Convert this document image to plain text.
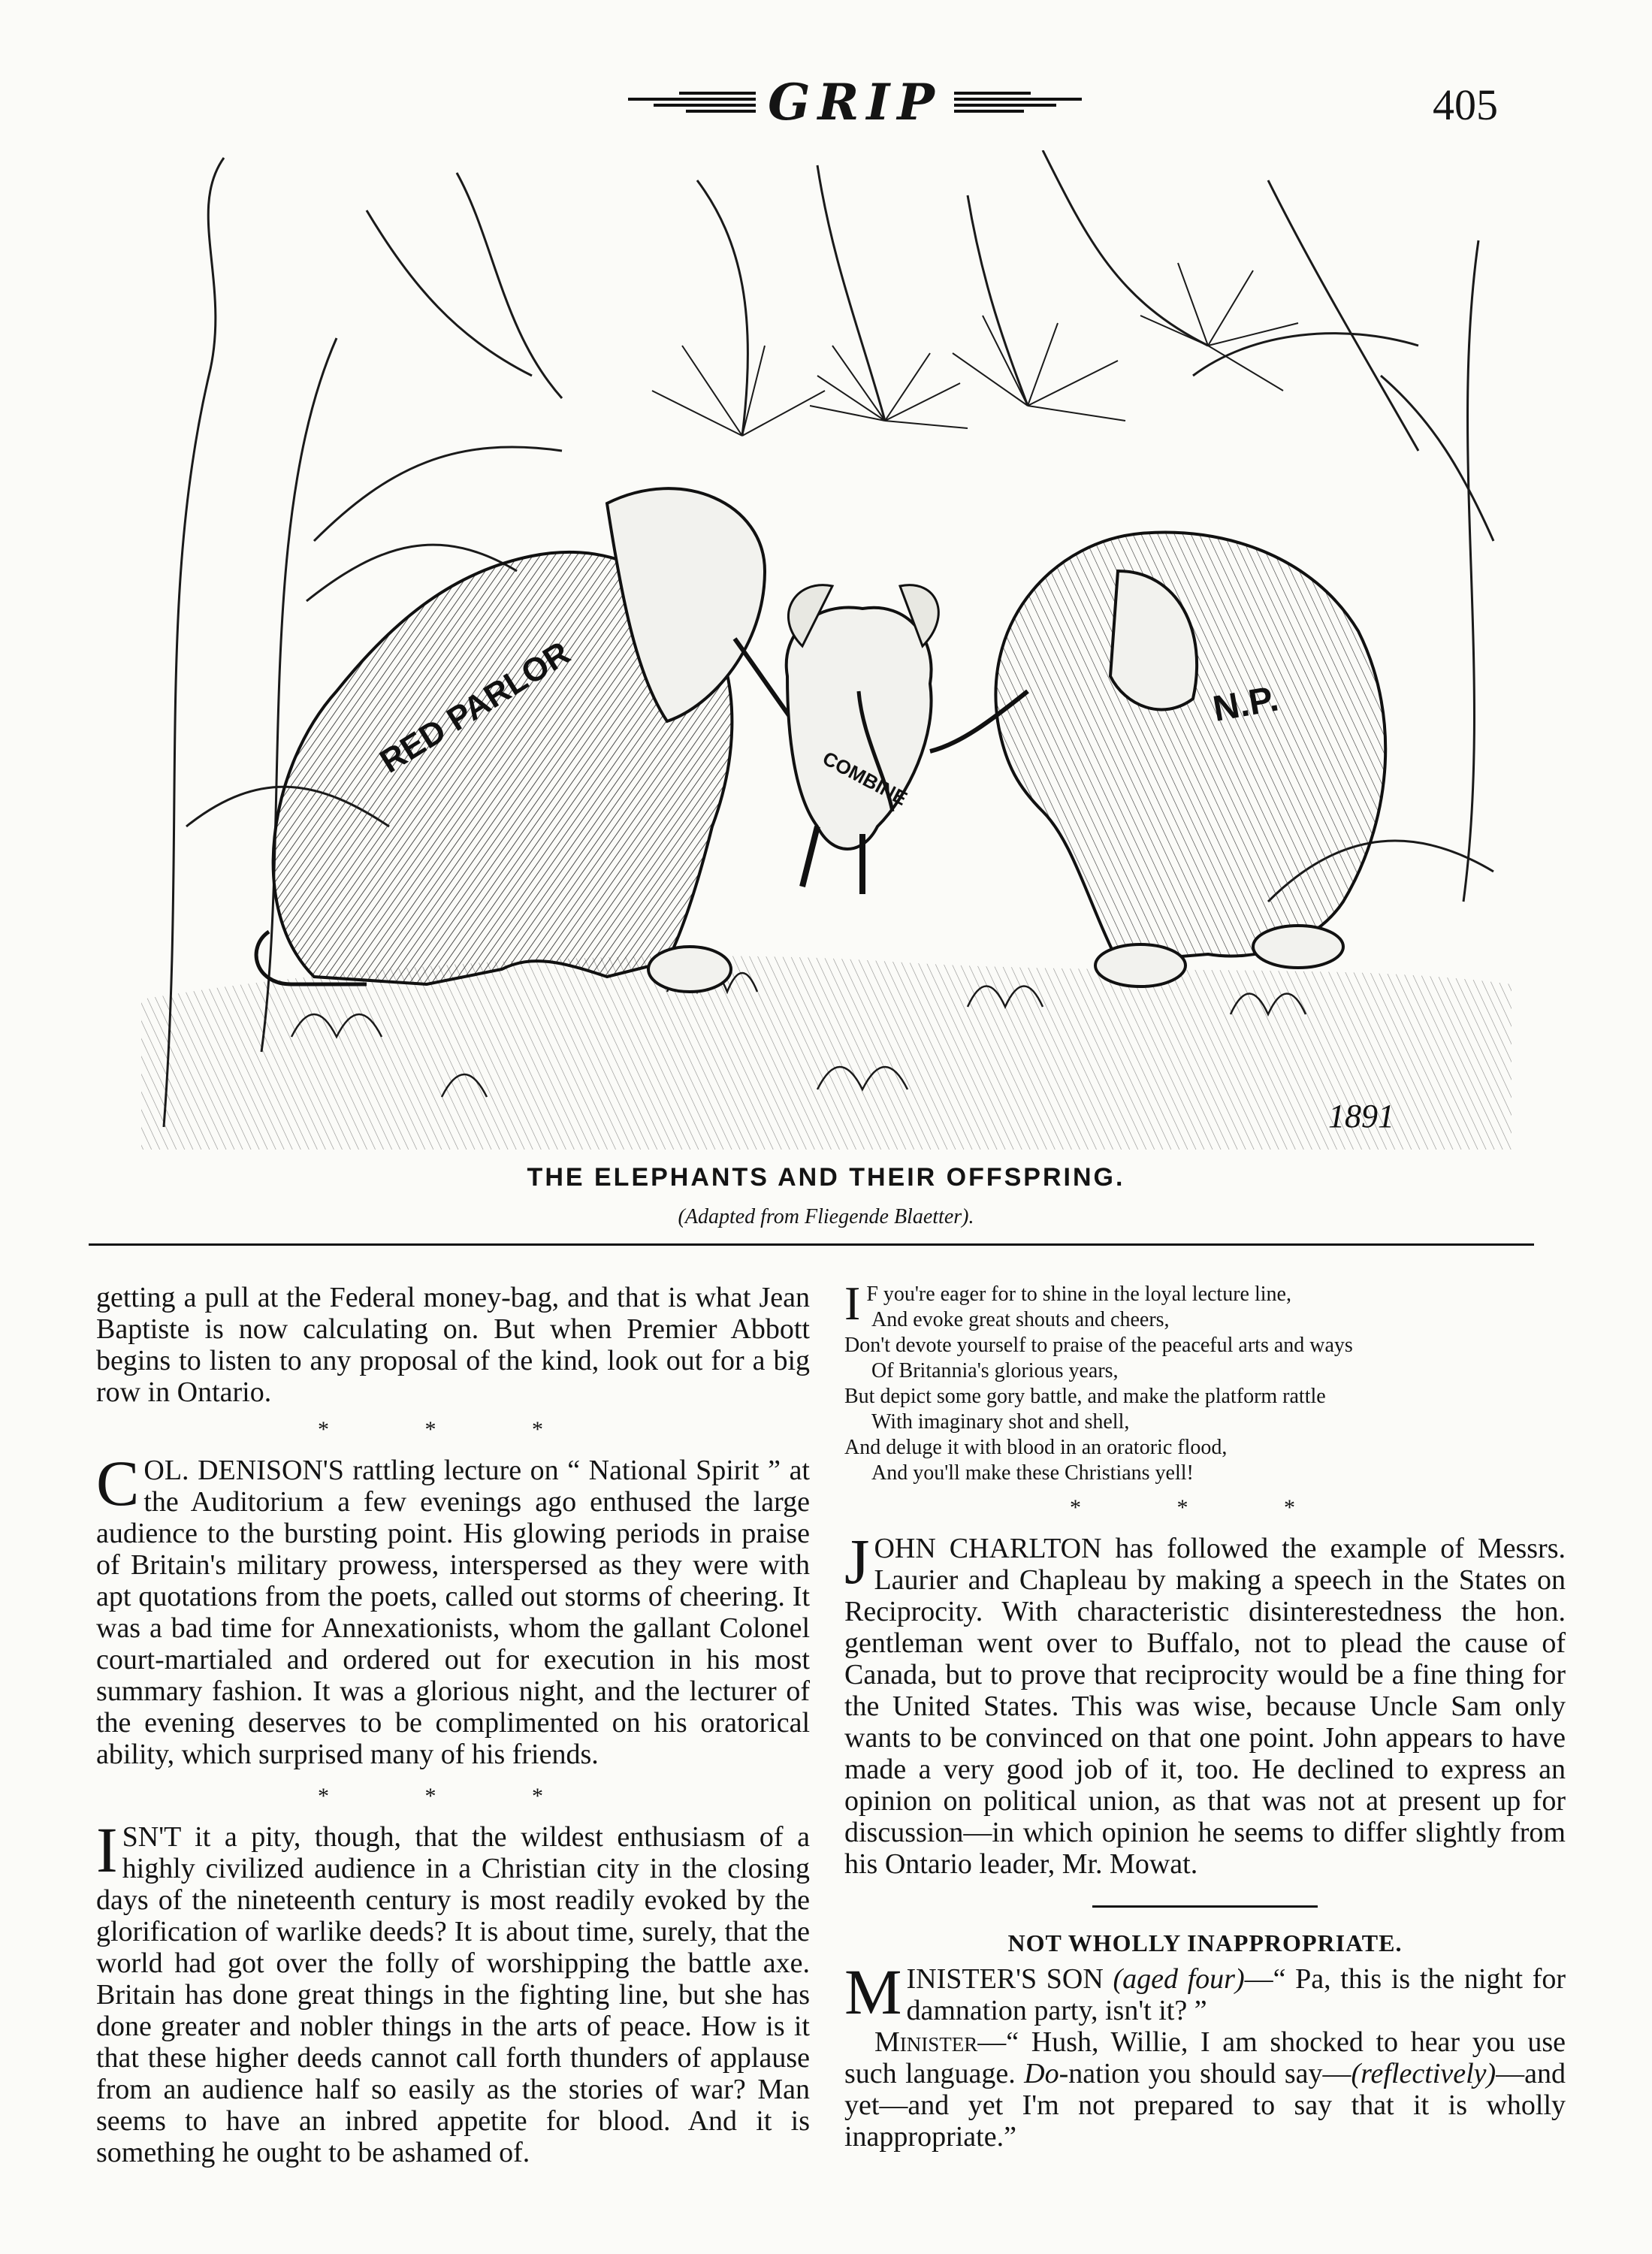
GRIP	405
RED PARLOR	COMBINE
N.P.
1891
THE ELEPHANTS AND THEIR OFFSPRING.
(Adapted from Fliegende Blaetter).

getting a pull at the Federal money-bag, and that is what Jean Baptiste is now calculating on. But when Premier Abbott begins to listen to any proposal of the kind, look out for a big row in Ontario.

* * *

COL. DENISON'S rattling lecture on “ National Spirit ” at the Auditorium a few evenings ago enthused the large audience to the bursting point. His glowing periods in praise of Britain's military prowess, interspersed as they were with apt quotations from the poets, called out storms of cheering. It was a bad time for Annexationists, whom the gallant Colonel court-martialed and ordered out for execution in his most summary fashion. It was a glorious night, and the lecturer of the evening deserves to be complimented on his oratorical ability, which surprised many of his friends.

* * *

ISN'T it a pity, though, that the wildest enthusiasm of a highly civilized audience in a Christian city in the closing days of the nineteenth century is most readily evoked by the glorification of warlike deeds? It is about time, surely, that the world had got over the folly of worshipping the battle axe. Britain has done great things in the fighting line, but she has done greater and nobler things in the arts of peace. How is it that these higher deeds cannot call forth thunders of applause from an audience half so easily as the stories of war? Man seems to have an inbred appetite for blood. And it is something he ought to be ashamed of.

I F you're eager for to shine in the loyal lecture line,
And evoke great shouts and cheers,
Don't devote yourself to praise of the peaceful arts and ways
Of Britannia's glorious years,
But depict some gory battle, and make the platform rattle
With imaginary shot and shell,
And deluge it with blood in an oratoric flood,
And you'll make these Christians yell!
* * *

JOHN CHARLTON has followed the example of Messrs. Laurier and Chapleau by making a speech in the States on Reciprocity. With characteristic disinterestedness the hon. gentleman went over to Buffalo, not to plead the cause of Canada, but to prove that reciprocity would be a fine thing for the United States. This was wise, because Uncle Sam only wants to be convinced on that one point. John appears to have made a very good job of it, too. He declined to express an opinion on political union, as that was not at present up for discussion—in which opinion he seems to differ slightly from his Ontario leader, Mr. Mowat.

NOT WHOLLY INAPPROPRIATE.

MINISTER'S SON (aged four)—“ Pa, this is the night for damnation party, isn't it? ”

Minister—“ Hush, Willie, I am shocked to hear you use such language. Do-nation you should say—(reflectively)—and yet—and yet I'm not prepared to say that it is wholly inappropriate.”
